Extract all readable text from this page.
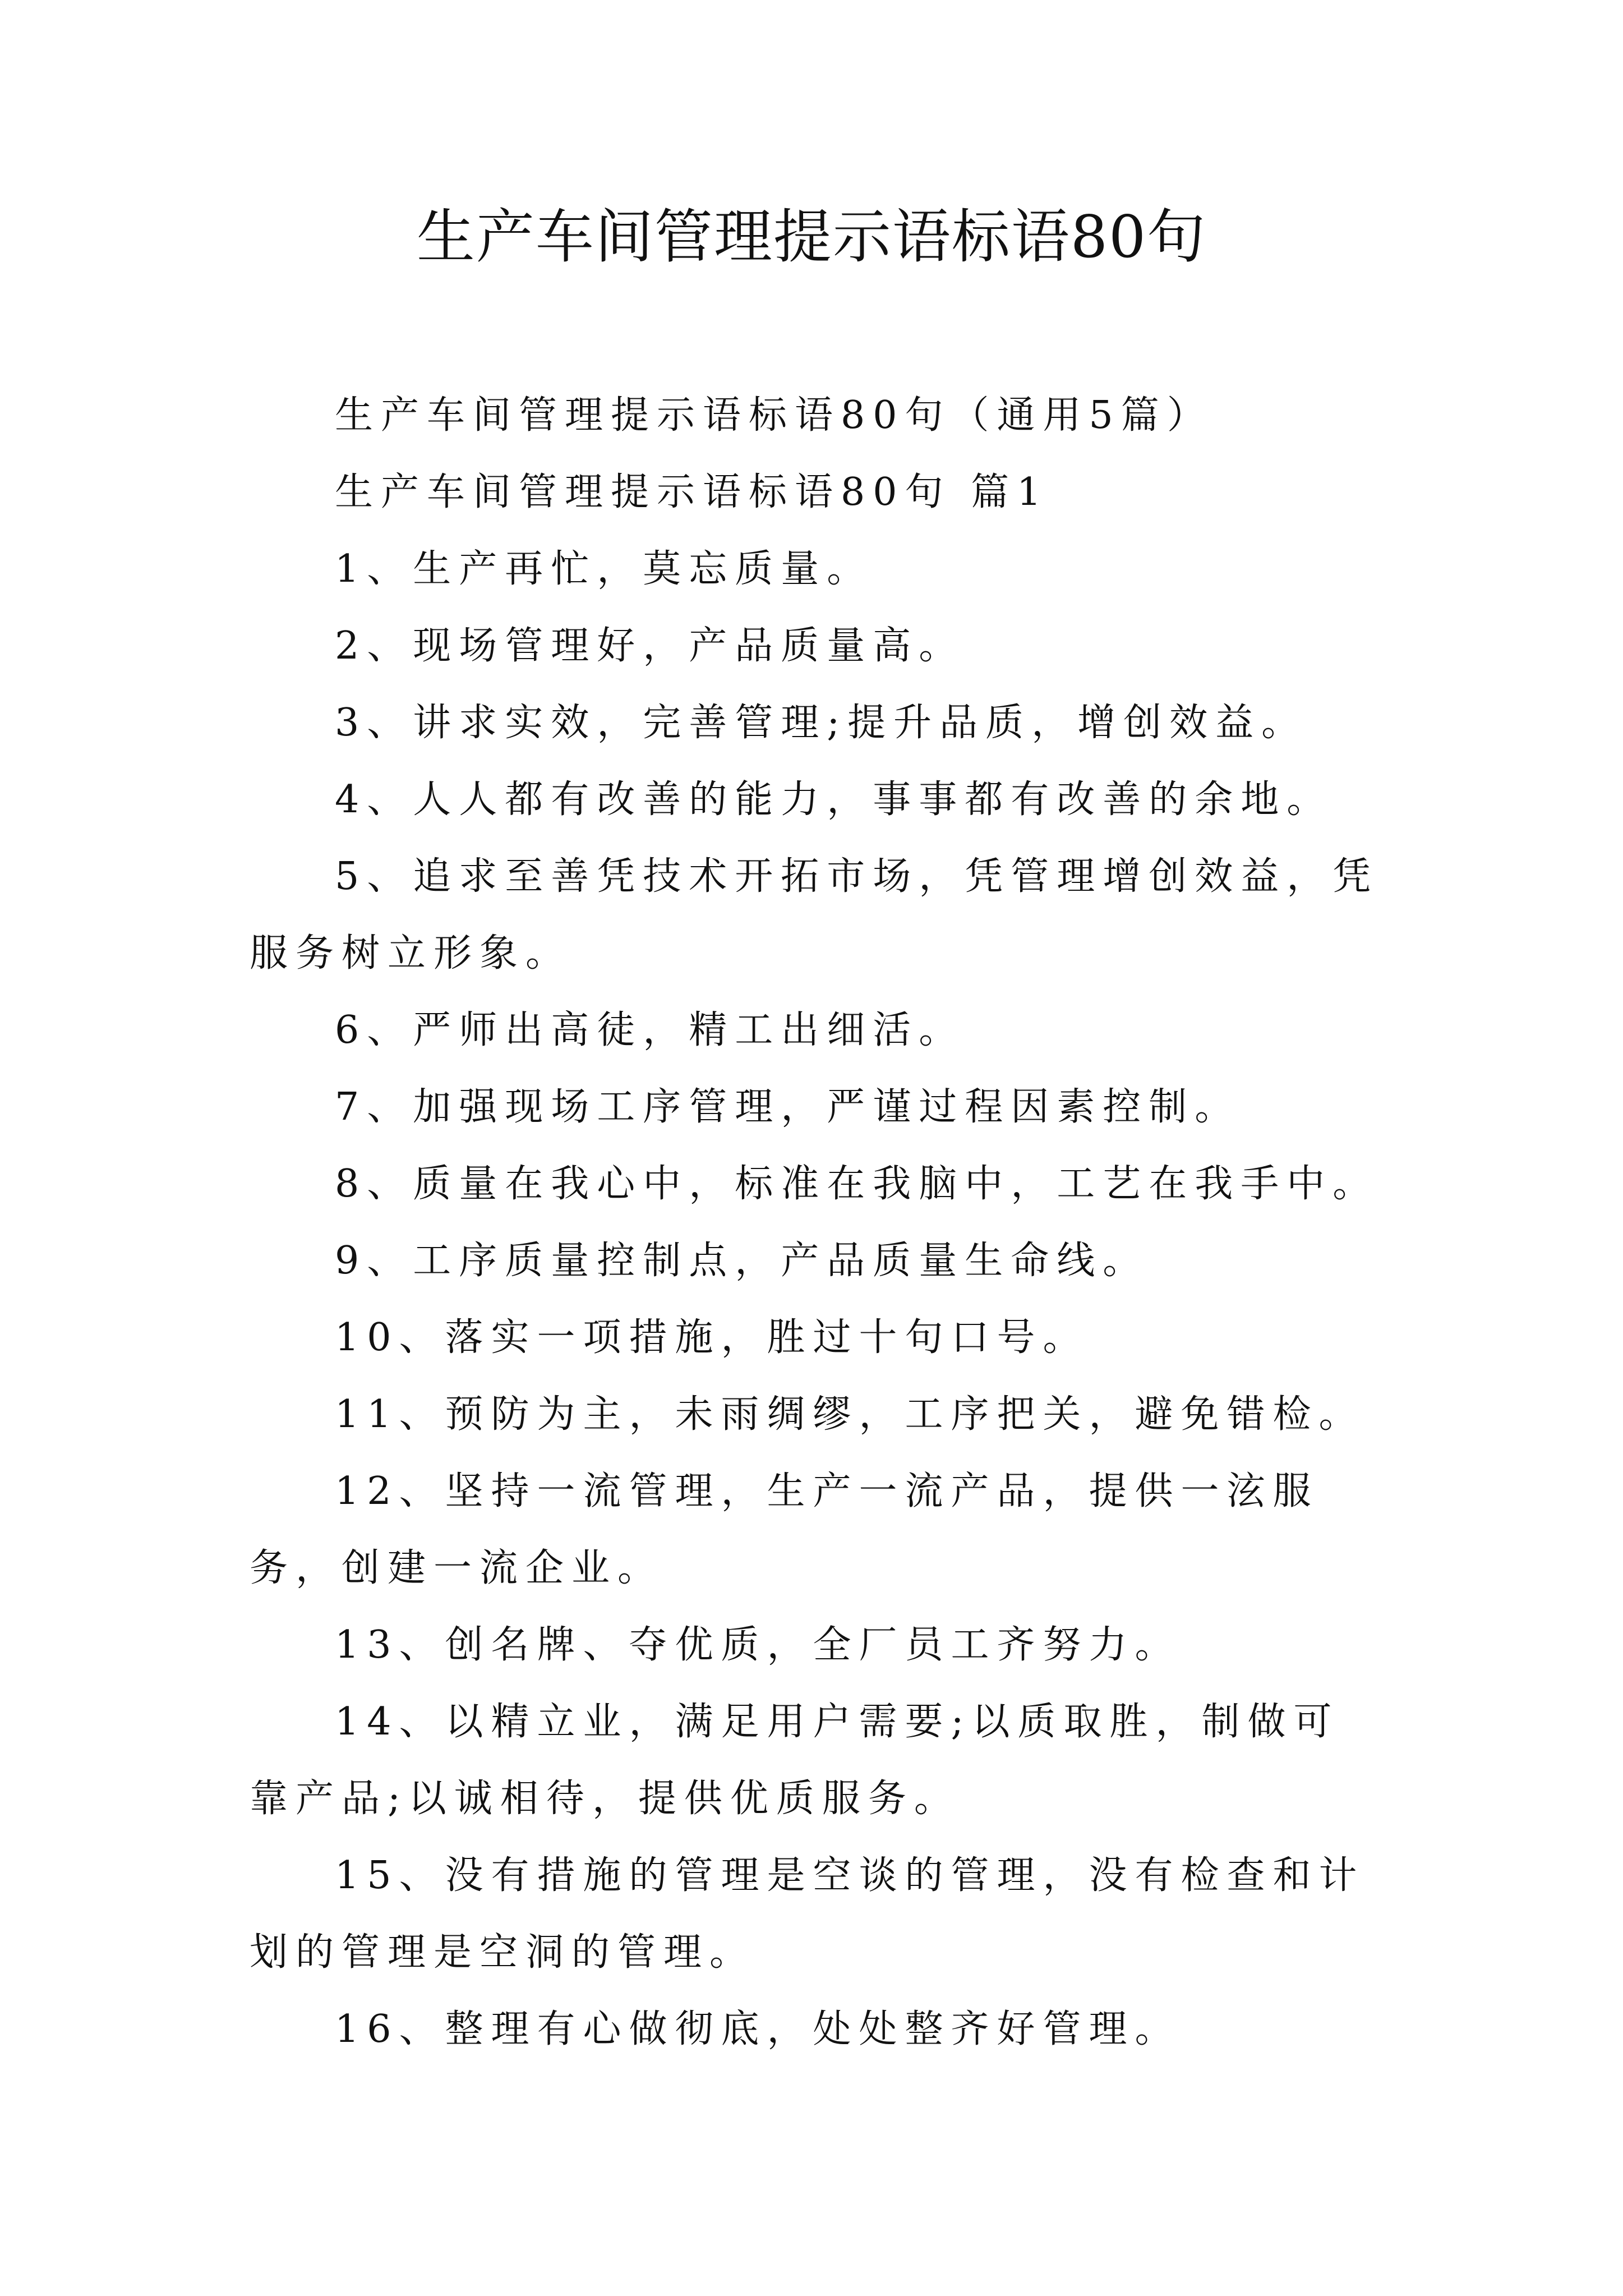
生产车间管理提示语标语80句

生产车间管理提示语标语80句（通用5篇）

生产车间管理提示语标语80句 篇1

1、生产再忙，莫忘质量。

2、现场管理好，产品质量高。

3、讲求实效，完善管理;提升品质，增创效益。

4、人人都有改善的能力，事事都有改善的余地。

5、追求至善凭技术开拓市场，凭管理增创效益，凭服务树立形象。

6、严师出高徒，精工出细活。

7、加强现场工序管理，严谨过程因素控制。

8、质量在我心中，标准在我脑中，工艺在我手中。

9、工序质量控制点，产品质量生命线。

10、落实一项措施，胜过十句口号。

11、预防为主，未雨绸缪，工序把关，避免错检。

12、坚持一流管理，生产一流产品，提供一泫服务，创建一流企业。

13、创名牌、夺优质，全厂员工齐努力。

14、以精立业，满足用户需要;以质取胜，制做可靠产品;以诚相待，提供优质服务。

15、没有措施的管理是空谈的管理，没有检查和计划的管理是空洞的管理。

16、整理有心做彻底，处处整齐好管理。
